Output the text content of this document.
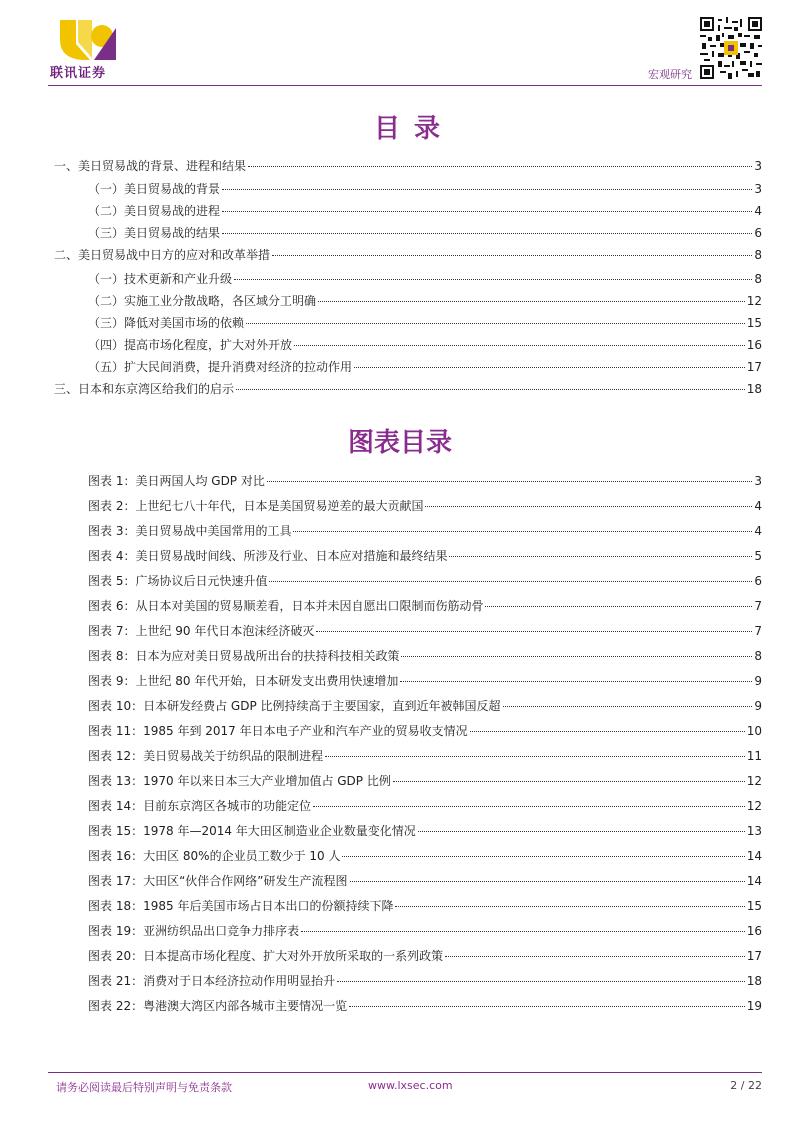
联讯证券	宏观研究
目录
一、美日贸易战的背景、进程和结果	3
（一）美日贸易战的背景	3
（二）美日贸易战的进程	4
（三）美日贸易战的结果	6
二、美日贸易战中日方的应对和改革举措	8
（一）技术更新和产业升级	8
（二）实施工业分散战略，各区域分工明确	12
（三）降低对美国市场的依赖	15
（四）提高市场化程度，扩大对外开放	16
（五）扩大民间消费，提升消费对经济的拉动作用	17
三、日本和东京湾区给我们的启示	18
图表目录
图表 1：美日两国人均 GDP 对比	3
图表 2：上世纪七八十年代，日本是美国贸易逆差的最大贡献国	4
图表 3：美日贸易战中美国常用的工具	4
图表 4：美日贸易战时间线、所涉及行业、日本应对措施和最终结果	5
图表 5：广场协议后日元快速升值	6
图表 6：从日本对美国的贸易顺差看，日本并未因自愿出口限制而伤筋动骨	7
图表 7：上世纪 90 年代日本泡沫经济破灭	7
图表 8：日本为应对美日贸易战所出台的扶持科技相关政策	8
图表 9：上世纪 80 年代开始，日本研发支出费用快速增加	9
图表 10：日本研发经费占 GDP 比例持续高于主要国家，直到近年被韩国反超	9
图表 11：1985 年到 2017 年日本电子产业和汽车产业的贸易收支情况	10
图表 12：美日贸易战关于纺织品的限制进程	11
图表 13：1970 年以来日本三大产业增加值占 GDP 比例	12
图表 14：目前东京湾区各城市的功能定位	12
图表 15：1978 年—2014 年大田区制造业企业数量变化情况	13
图表 16：大田区 80%的企业员工数少于 10 人	14
图表 17：大田区“伙伴合作网络”研发生产流程图	14
图表 18：1985 年后美国市场占日本出口的份额持续下降	15
图表 19：亚洲纺织品出口竞争力排序表	16
图表 20：日本提高市场化程度、扩大对外开放所采取的一系列政策	17
图表 21：消费对于日本经济拉动作用明显抬升	18
图表 22：粤港澳大湾区内部各城市主要情况一览	19
请务必阅读最后特别声明与免责条款	www.lxsec.com	2 / 22
